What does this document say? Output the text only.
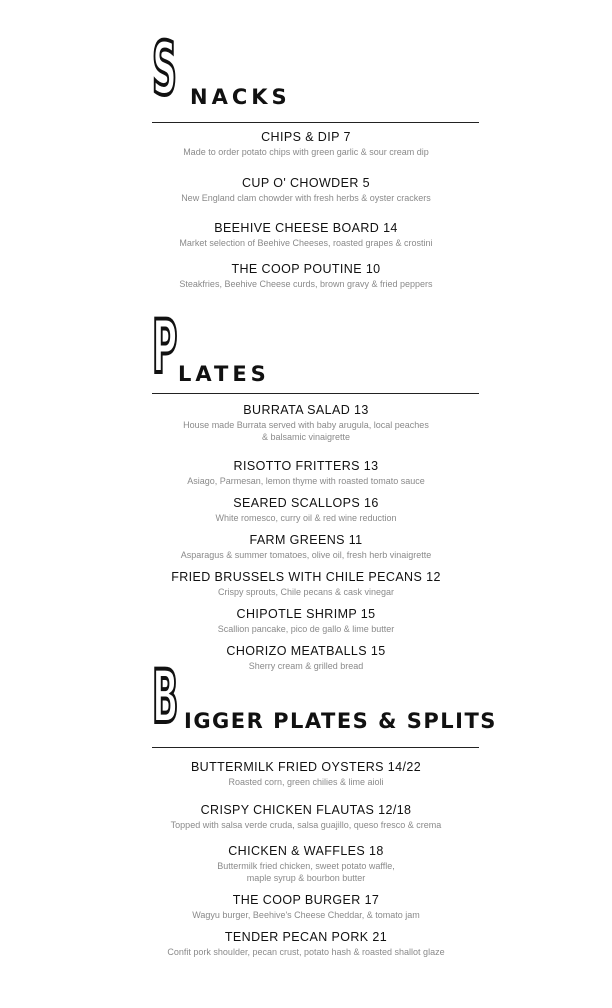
S NACKS
CHIPS & DIP 7
Made to order potato chips with green garlic & sour cream dip
CUP O' CHOWDER 5
New England clam chowder with fresh herbs & oyster crackers
BEEHIVE CHEESE BOARD 14
Market selection of Beehive Cheeses, roasted grapes & crostini
THE COOP POUTINE 10
Steakfries, Beehive Cheese curds, brown gravy & fried peppers
P LATES
BURRATA SALAD 13
House made Burrata served with baby arugula, local peaches
& balsamic vinaigrette
RISOTTO FRITTERS 13
Asiago, Parmesan, lemon thyme with roasted tomato sauce
SEARED SCALLOPS 16
White romesco, curry oil & red wine reduction
FARM GREENS 11
Asparagus & summer tomatoes, olive oil, fresh herb vinaigrette
FRIED BRUSSELS WITH CHILE PECANS 12
Crispy sprouts, Chile pecans & cask vinegar
CHIPOTLE SHRIMP 15
Scallion pancake, pico de gallo & lime butter
CHORIZO MEATBALLS 15
Sherry cream & grilled bread
B IGGER PLATES & SPLITS
BUTTERMILK FRIED OYSTERS 14/22
Roasted corn, green chilies & lime aioli
CRISPY CHICKEN FLAUTAS 12/18
Topped with salsa verde cruda, salsa guajillo, queso fresco & crema
CHICKEN & WAFFLES 18
Buttermilk fried chicken, sweet potato waffle,
maple syrup & bourbon butter
THE COOP BURGER 17
Wagyu burger, Beehive's Cheese Cheddar, & tomato jam
TENDER PECAN PORK 21
Confit pork shoulder, pecan crust, potato hash & roasted shallot glaze
